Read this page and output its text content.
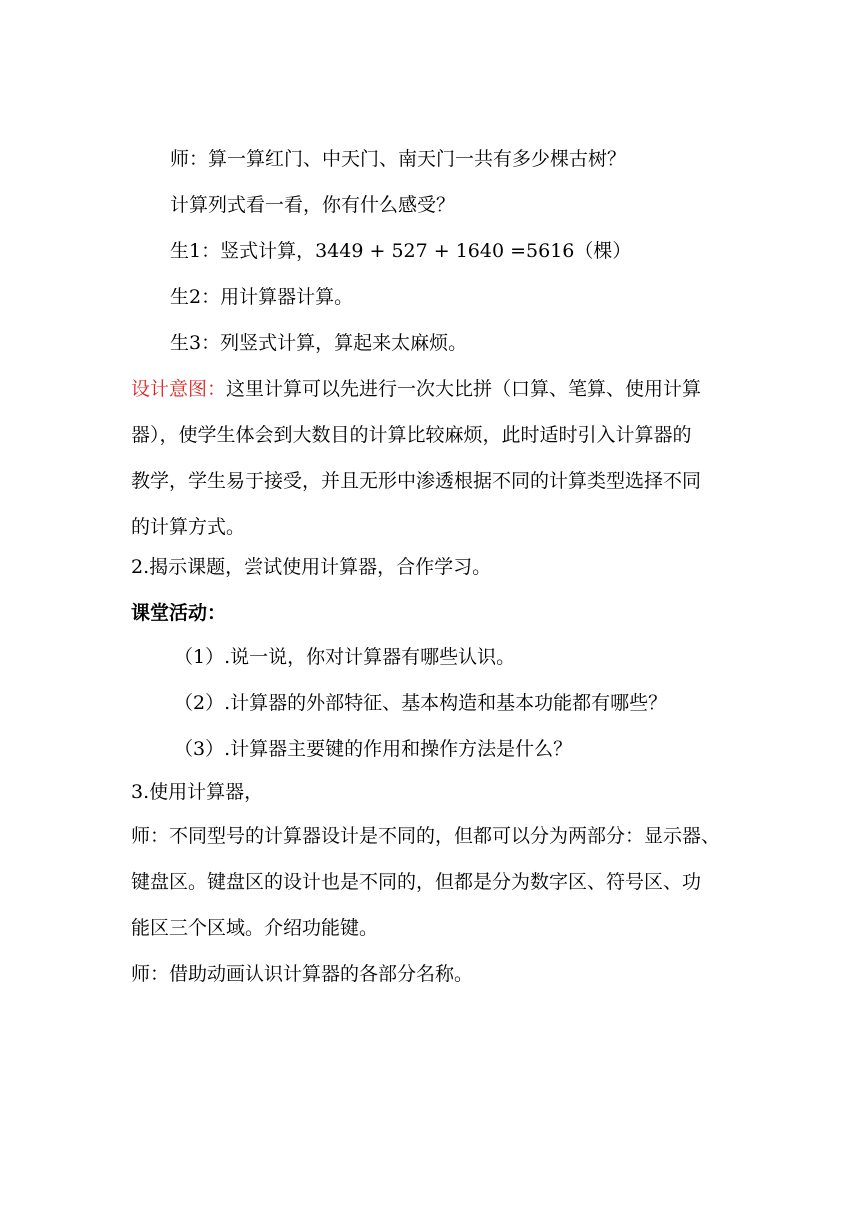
师：算一算红门、中天门、南天门一共有多少棵古树？
计算列式看一看，你有什么感受？
生1：竖式计算，3449 + 527 + 1640 =5616（棵）
生2：用计算器计算。
生3：列竖式计算，算起来太麻烦。
设计意图：这里计算可以先进行一次大比拼（口算、笔算、使用计算
器），使学生体会到大数目的计算比较麻烦，此时适时引入计算器的
教学，学生易于接受，并且无形中渗透根据不同的计算类型选择不同
的计算方式。
2.揭示课题，尝试使用计算器，合作学习。
课堂活动：
（1）.说一说，你对计算器有哪些认识。
（2）.计算器的外部特征、基本构造和基本功能都有哪些？
（3）.计算器主要键的作用和操作方法是什么？
3.使用计算器，
师：不同型号的计算器设计是不同的，但都可以分为两部分：显示器、
键盘区。键盘区的设计也是不同的，但都是分为数字区、符号区、功
能区三个区域。介绍功能键。
师：借助动画认识计算器的各部分名称。
